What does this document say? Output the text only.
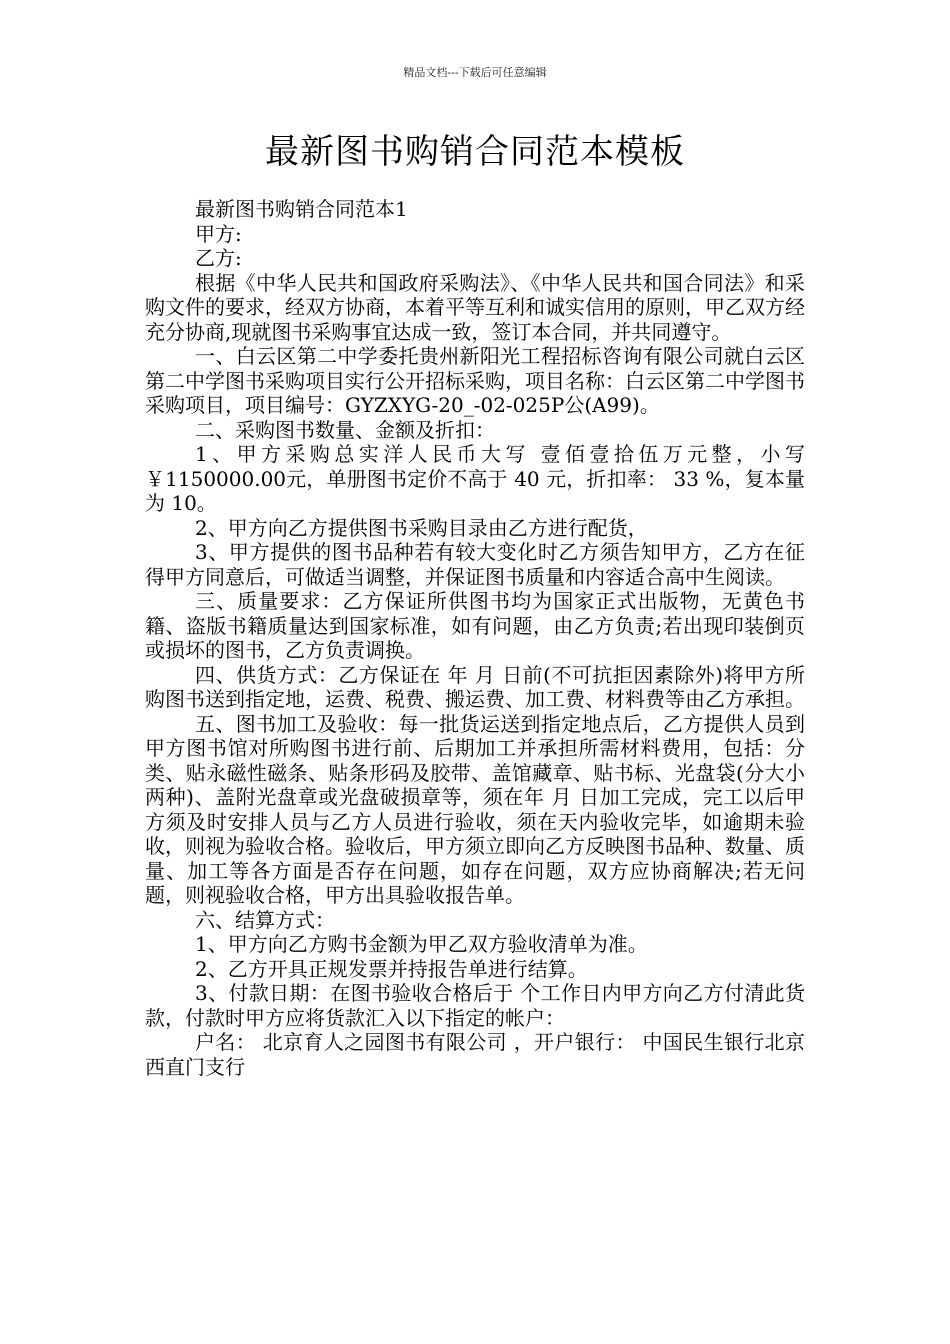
精品文档---下载后可任意编辑
最新图书购销合同范本模板

最新图书购销合同范本1

甲方:

乙方:

根据《中华人民共和国政府采购法》、《中华人民共和国合同法》和采购文件的要求，经双方协商，本着平等互利和诚实信用的原则，甲乙双方经充分协商,现就图书采购事宜达成一致，签订本合同，并共同遵守。

一、白云区第二中学委托贵州新阳光工程招标咨询有限公司就白云区第二中学图书采购项目实行公开招标采购，项目名称：白云区第二中学图书采购项目，项目编号：GYZXYG-20_-02-025P公(A99)。

二、采购图书数量、金额及折扣：

1、甲方采购总实洋人民币大写 壹佰壹拾伍万元整，小写￥1150000.00元，单册图书定价不高于 40 元，折扣率： 33 %，复本量为 10。

2、甲方向乙方提供图书采购目录由乙方进行配货，

3、甲方提供的图书品种若有较大变化时乙方须告知甲方，乙方在征得甲方同意后，可做适当调整，并保证图书质量和内容适合高中生阅读。

三、质量要求：乙方保证所供图书均为国家正式出版物，无黄色书籍、盗版书籍质量达到国家标准，如有问题，由乙方负责;若出现印装倒页或损坏的图书，乙方负责调换。

四、供货方式：乙方保证在 年 月 日前(不可抗拒因素除外)将甲方所购图书送到指定地，运费、税费、搬运费、加工费、材料费等由乙方承担。

五、图书加工及验收：每一批货运送到指定地点后，乙方提供人员到甲方图书馆对所购图书进行前、后期加工并承担所需材料费用，包括：分类、贴永磁性磁条、贴条形码及胶带、盖馆藏章、贴书标、光盘袋(分大小两种)、盖附光盘章或光盘破损章等，须在年 月 日加工完成，完工以后甲方须及时安排人员与乙方人员进行验收，须在天内验收完毕，如逾期未验收，则视为验收合格。验收后，甲方须立即向乙方反映图书品种、数量、质量、加工等各方面是否存在问题，如存在问题，双方应协商解决;若无问题，则视验收合格，甲方出具验收报告单。

六、结算方式：

1、甲方向乙方购书金额为甲乙双方验收清单为准。

2、乙方开具正规发票并持报告单进行结算。

3、付款日期：在图书验收合格后于 个工作日内甲方向乙方付清此货款，付款时甲方应将货款汇入以下指定的帐户：

户名： 北京育人之园图书有限公司 ，开户银行： 中国民生银行北京西直门支行
